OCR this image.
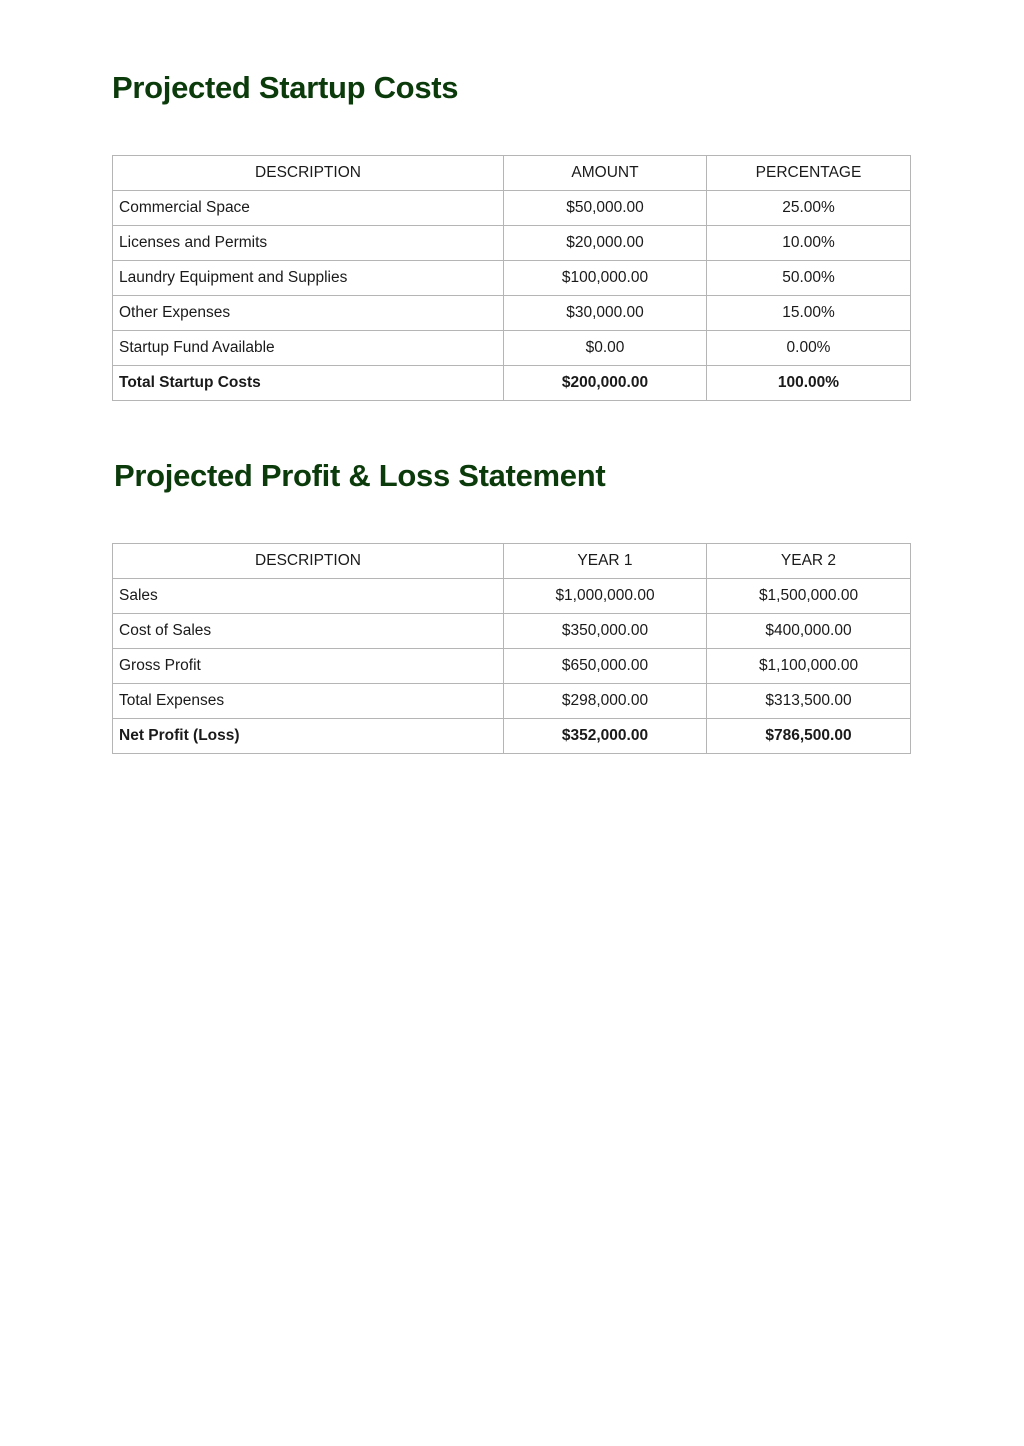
Projected Startup Costs
DESCRIPTION	AMOUNT	PERCENTAGE
Commercial Space	$50,000.00	25.00%
Licenses and Permits	$20,000.00	10.00%
Laundry Equipment and Supplies	$100,000.00	50.00%
Other Expenses	$30,000.00	15.00%
Startup Fund Available	$0.00	0.00%
Total Startup Costs	$200,000.00	100.00%
Projected Profit & Loss Statement
DESCRIPTION	YEAR 1	YEAR 2
Sales	$1,000,000.00	$1,500,000.00
Cost of Sales	$350,000.00	$400,000.00
Gross Profit	$650,000.00	$1,100,000.00
Total Expenses	$298,000.00	$313,500.00
Net Profit (Loss)	$352,000.00	$786,500.00
